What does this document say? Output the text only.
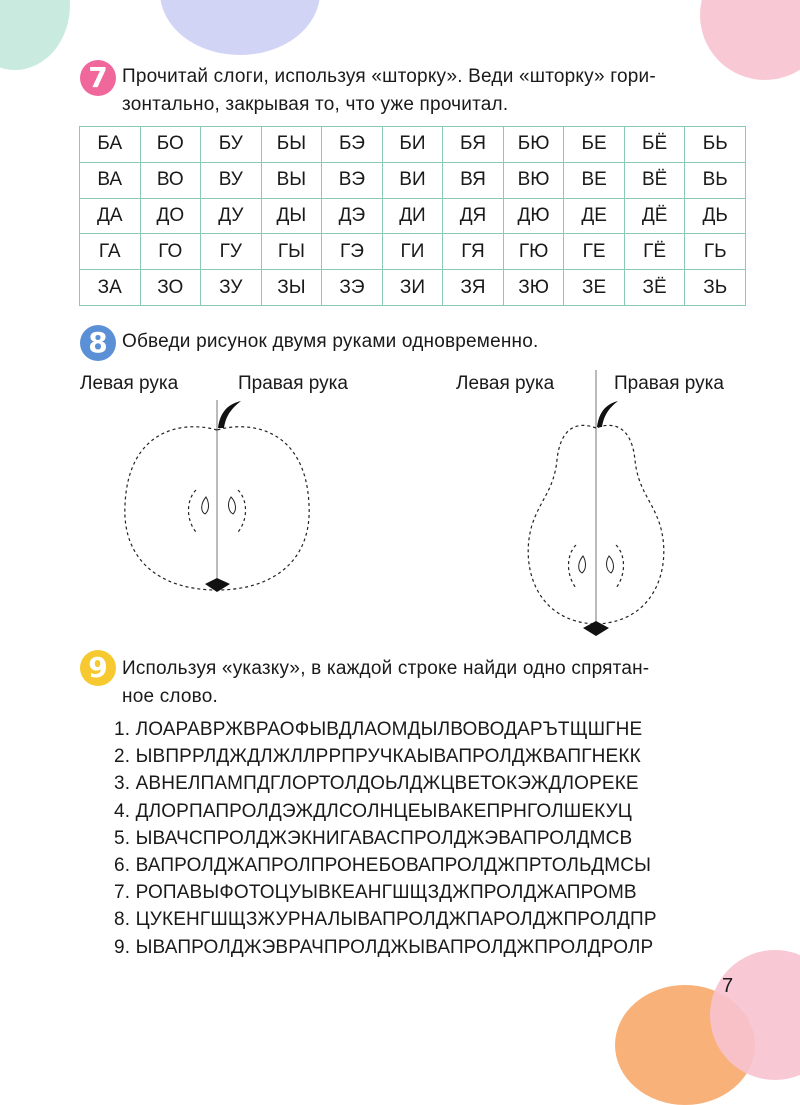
7 Прочитай слоги, используя «шторку». Веди «шторку» гори-
зонтально, закрывая то, что уже прочитал.
БА	БО	БУ	БЫ	БЭ	БИ	БЯ	БЮ	БЕ	БЁ	БЬ
ВА	ВО	ВУ	ВЫ	ВЭ	ВИ	ВЯ	ВЮ	ВЕ	ВЁ	ВЬ
ДА	ДО	ДУ	ДЫ	ДЭ	ДИ	ДЯ	ДЮ	ДЕ	ДЁ	ДЬ
ГА	ГО	ГУ	ГЫ	ГЭ	ГИ	ГЯ	ГЮ	ГЕ	ГЁ	ГЬ
ЗА	ЗО	ЗУ	ЗЫ	ЗЭ	ЗИ	ЗЯ	ЗЮ	ЗЕ	ЗЁ	ЗЬ
8 Обведи рисунок двумя руками одновременно.
Левая рука	Правая рука	Левая рука	Правая рука
9 Используя «указку», в каждой строке найди одно спрятан-
ное слово.
1. ЛОАРАВРЖВРАОФЫВДЛАОМДЫЛВОВОДАРЪТЩШГНЕ
2. ЫВПРРЛДЖДЛЖЛЛРРПРУЧКАЫВАПРОЛДЖВАПГНЕКК
3. АВНЕЛПАМПДГЛОРТОЛДОЬЛДЖЦВЕТОКЭЖДЛОРЕКЕ
4. ДЛОРПАПРОЛДЭЖДЛСОЛНЦЕЫВАКЕПРНГОЛШЕКУЦ
5. ЫВАЧСПРОЛДЖЭКНИГАВАСПРОЛДЖЭВАПРОЛДМСВ
6. ВАПРОЛДЖАПРОЛПРОНЕБОВАПРОЛДЖПРТОЛЬДМСЫ
7. РОПАВЫФОТОЦУЫВКЕАНГШЩЗДЖПРОЛДЖАПРОМВ
8. ЦУКЕНГШЩЗЖУРНАЛЫВАПРОЛДЖПАРОЛДЖПРОЛДПР
9. ЫВАПРОЛДЖЭВРАЧПРОЛДЖЫВАПРОЛДЖПРОЛДРОЛР
7
